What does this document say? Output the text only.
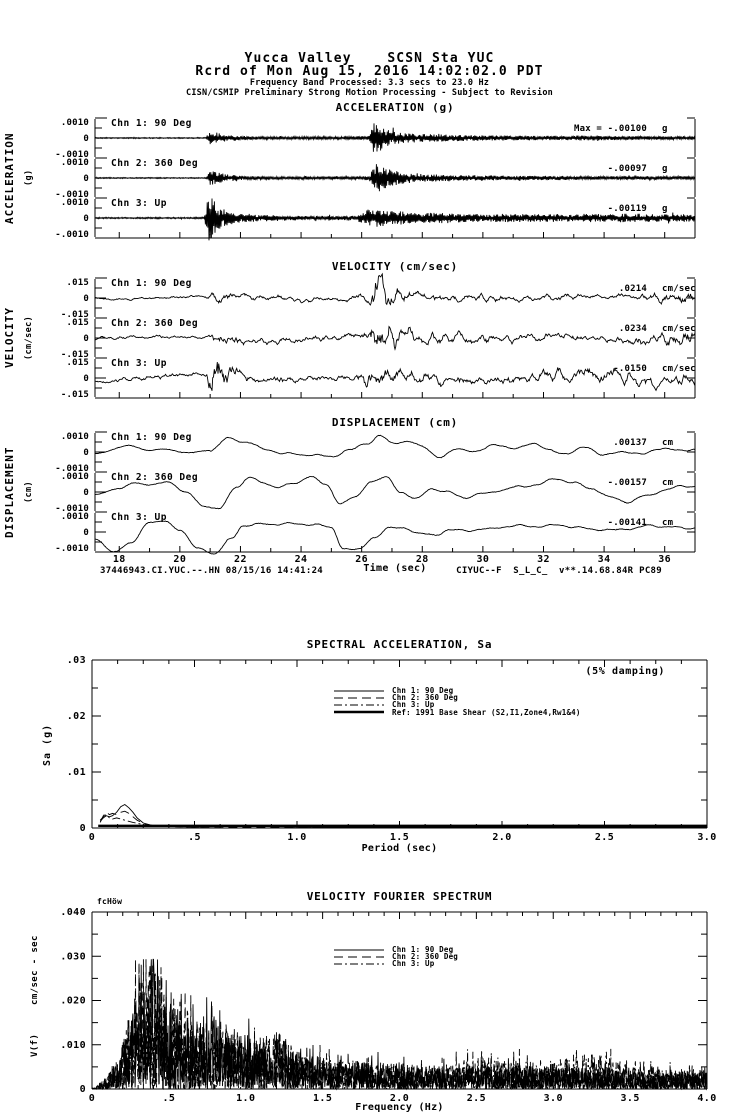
Yucca Valley    SCSN Sta YUC
Rcrd of Mon Aug 15, 2016 14:02:02.0 PDT
Frequency Band Processed: 3.3 secs to 23.0 Hz
CISN/CSMIP Preliminary Strong Motion Processing - Subject to Revision
.0010
0
-.0010
Chn 1: 90 Deg	Max = -.00100 g
.0010
0
-.0010
Chn 2: 360 Deg	-.00097 g
.0010
0
-.0010
Chn 3: Up	-.00119 g
.015
0
-.015
Chn 1: 90 Deg	.0214 cm/sec
.015
0
-.015
Chn 2: 360 Deg	.0234 cm/sec
.015
0
-.015
Chn 3: Up	-.0150 cm/sec
.0010
0
-.0010
Chn 1: 90 Deg	.00137 cm
.0010
0
-.0010
Chn 2: 360 Deg	-.00157 cm
.0010
0
-.0010
Chn 3: Up	-.00141 cm
18	20	22	24	26	28	30	32	34	36
0	.5	1.0	1.5	2.0	2.5	3.0
.03
.02
.01
0
0	.5	1.0	1.5	2.0	2.5	3.0	3.5	4.0
.040
.030
.020
.010
0
ACCELERATION (g)
VELOCITY (cm/sec)
DISPLACEMENT (cm)
ACCELERATION (g)
VELOCITY (cm/sec)
DISPLACEMENT (cm)
37446943.CI.YUC.--.HN 08/15/16 14:41:24	Time (sec)	CIYUC--F  S_L_C_  v**.14.68.84R PC89
SPECTRAL ACCELERATION, Sa
(5% damping)
Sa (g)
Period (sec)
Chn 1: 90 Deg
Chn 2: 360 Deg
Chn 3: Up
Ref: 1991 Base Shear (S2,I1,Zone4,Rw1&4)
VELOCITY FOURIER SPECTRUM
fcHöw
cm/sec - sec
V(f)
Frequency (Hz)
Chn 1: 90 Deg
Chn 2: 360 Deg
Chn 3: Up
